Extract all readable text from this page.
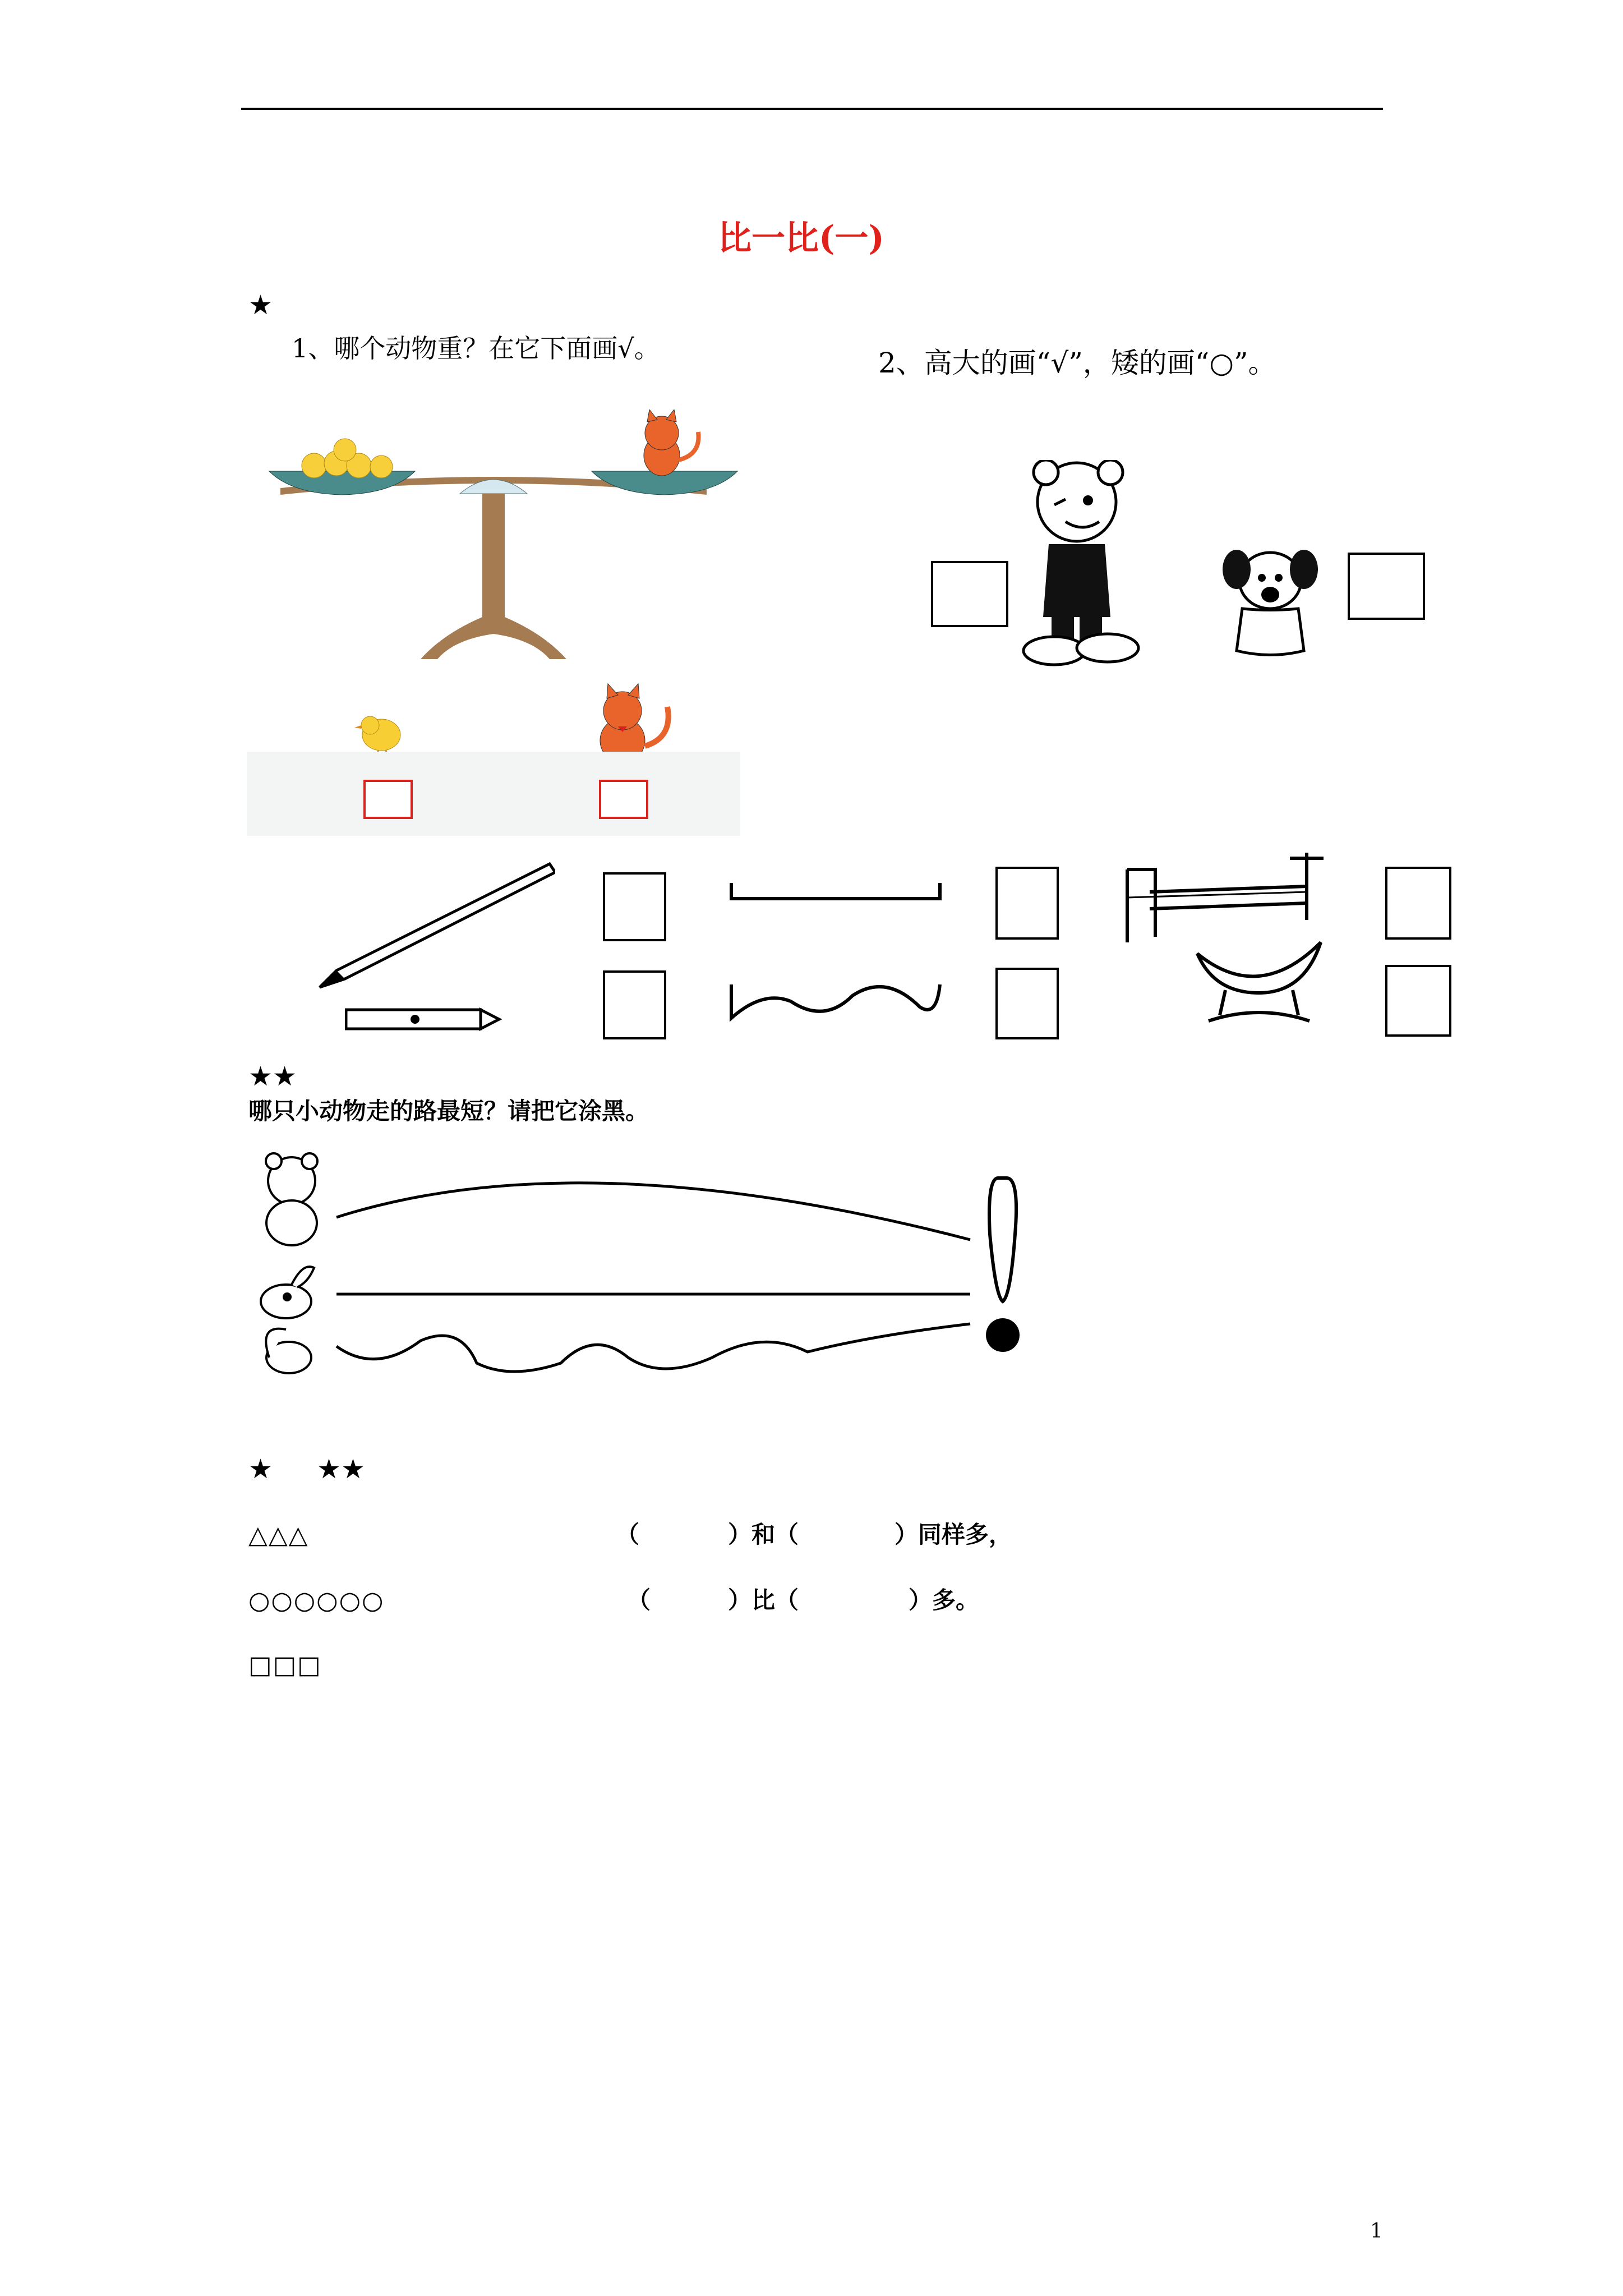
比一比(一)
★
1、哪个动物重？在它下面画√。	2、高大的画“√”，矮的画“○”。
★★
哪只小动物走的路最短？请把它涂黑。
★ ★★
△△△
○○○○○○
□□□
（	）和（	）同样多，
（	）比（	）多。
1
